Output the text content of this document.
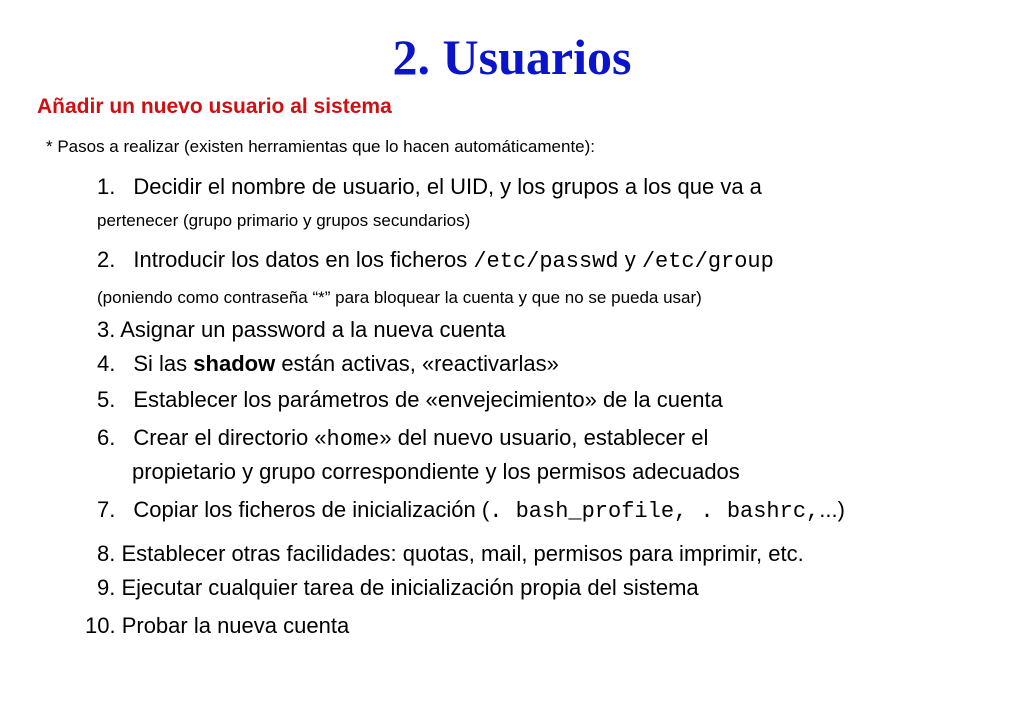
2. Usuarios
Añadir un nuevo usuario al sistema
* Pasos a realizar (existen herramientas que lo hacen automáticamente):
1. Decidir el nombre de usuario, el UID, y los grupos a los que va a
pertenecer (grupo primario y grupos secundarios)
2. Introducir los datos en los ficheros /etc/passwd y /etc/group
(poniendo como contraseña “*” para bloquear la cuenta y que no se pueda usar)
3. Asignar un password a la nueva cuenta
4. Si las shadow están activas, «reactivarlas»
5. Establecer los parámetros de «envejecimiento» de la cuenta
6. Crear el directorio «home» del nuevo usuario, establecer el
propietario y grupo correspondiente y los permisos adecuados
7. Copiar los ficheros de inicialización (. bash_profile, . bashrc,...)
8. Establecer otras facilidades: quotas, mail, permisos para imprimir, etc.
9. Ejecutar cualquier tarea de inicialización propia del sistema
10. Probar la nueva cuenta
